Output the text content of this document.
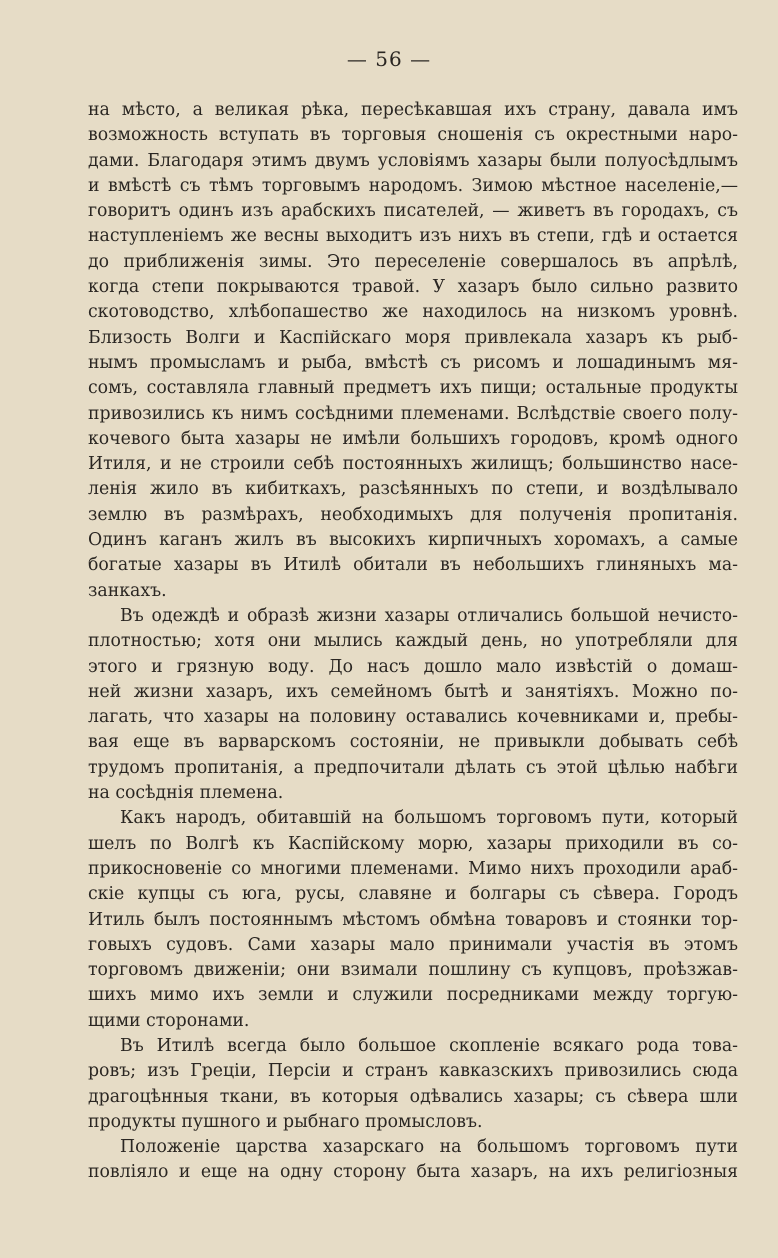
— 56 —
на мѣсто, а великая рѣка, пересѣкавшая ихъ страну, давала имъ
возможность вступать въ торговыя сношенія съ окрестными наро-
дами. Благодаря этимъ двумъ условіямъ хазары были полуосѣдлымъ
и вмѣстѣ съ тѣмъ торговымъ народомъ. Зимою мѣстное населеніе,—
говоритъ одинъ изъ арабскихъ писателей, — живетъ въ городахъ, съ
наступленіемъ же весны выходитъ изъ нихъ въ степи, гдѣ и остается
до приближенія зимы. Это переселеніе совершалось въ апрѣлѣ,
когда степи покрываются травой. У хазаръ было сильно развито
скотоводство, хлѣбопашество же находилось на низкомъ уровнѣ.
Близость Волги и Каспійскаго моря привлекала хазаръ къ рыб-
нымъ промысламъ и рыба, вмѣстѣ съ рисомъ и лошадинымъ мя-
сомъ, составляла главный предметъ ихъ пищи; остальные продукты
привозились къ нимъ сосѣдними племенами. Вслѣдствіе своего полу-
кочевого быта хазары не имѣли большихъ городовъ, кромѣ одного
Итиля, и не строили себѣ постоянныхъ жилищъ; большинство насе-
ленія жило въ кибиткахъ, разсѣянныхъ по степи, и воздѣлывало
землю въ размѣрахъ, необходимыхъ для полученія пропитанія.
Одинъ каганъ жилъ въ высокихъ кирпичныхъ хоромахъ, а самые
богатые хазары въ Итилѣ обитали въ небольшихъ глиняныхъ ма-
занкахъ.
Въ одеждѣ и образѣ жизни хазары отличались большой нечисто-
плотностью; хотя они мылись каждый день, но употребляли для
этого и грязную воду. До насъ дошло мало извѣстій о домаш-
ней жизни хазаръ, ихъ семейномъ бытѣ и занятіяхъ. Можно по-
лагать, что хазары на половину оставались кочевниками и, пребы-
вая еще въ варварскомъ состояніи, не привыкли добывать себѣ
трудомъ пропитанія, а предпочитали дѣлать съ этой цѣлью набѣги
на сосѣднія племена.
Какъ народъ, обитавшій на большомъ торговомъ пути, который
шелъ по Волгѣ къ Каспійскому морю, хазары приходили въ со-
прикосновеніе со многими племенами. Мимо нихъ проходили араб-
скіе купцы съ юга, русы, славяне и болгары съ сѣвера. Городъ
Итиль былъ постояннымъ мѣстомъ обмѣна товаровъ и стоянки тор-
говыхъ судовъ. Сами хазары мало принимали участія въ этомъ
торговомъ движеніи; они взимали пошлину съ купцовъ, проѣзжав-
шихъ мимо ихъ земли и служили посредниками между торгую-
щими сторонами.
Въ Итилѣ всегда было большое скопленіе всякаго рода това-
ровъ; изъ Греціи, Персіи и странъ кавказскихъ привозились сюда
драгоцѣнныя ткани, въ которыя одѣвались хазары; съ сѣвера шли
продукты пушного и рыбнаго промысловъ.
Положеніе царства хазарскаго на большомъ торговомъ пути
повліяло и еще на одну сторону быта хазаръ, на ихъ религіозныя
